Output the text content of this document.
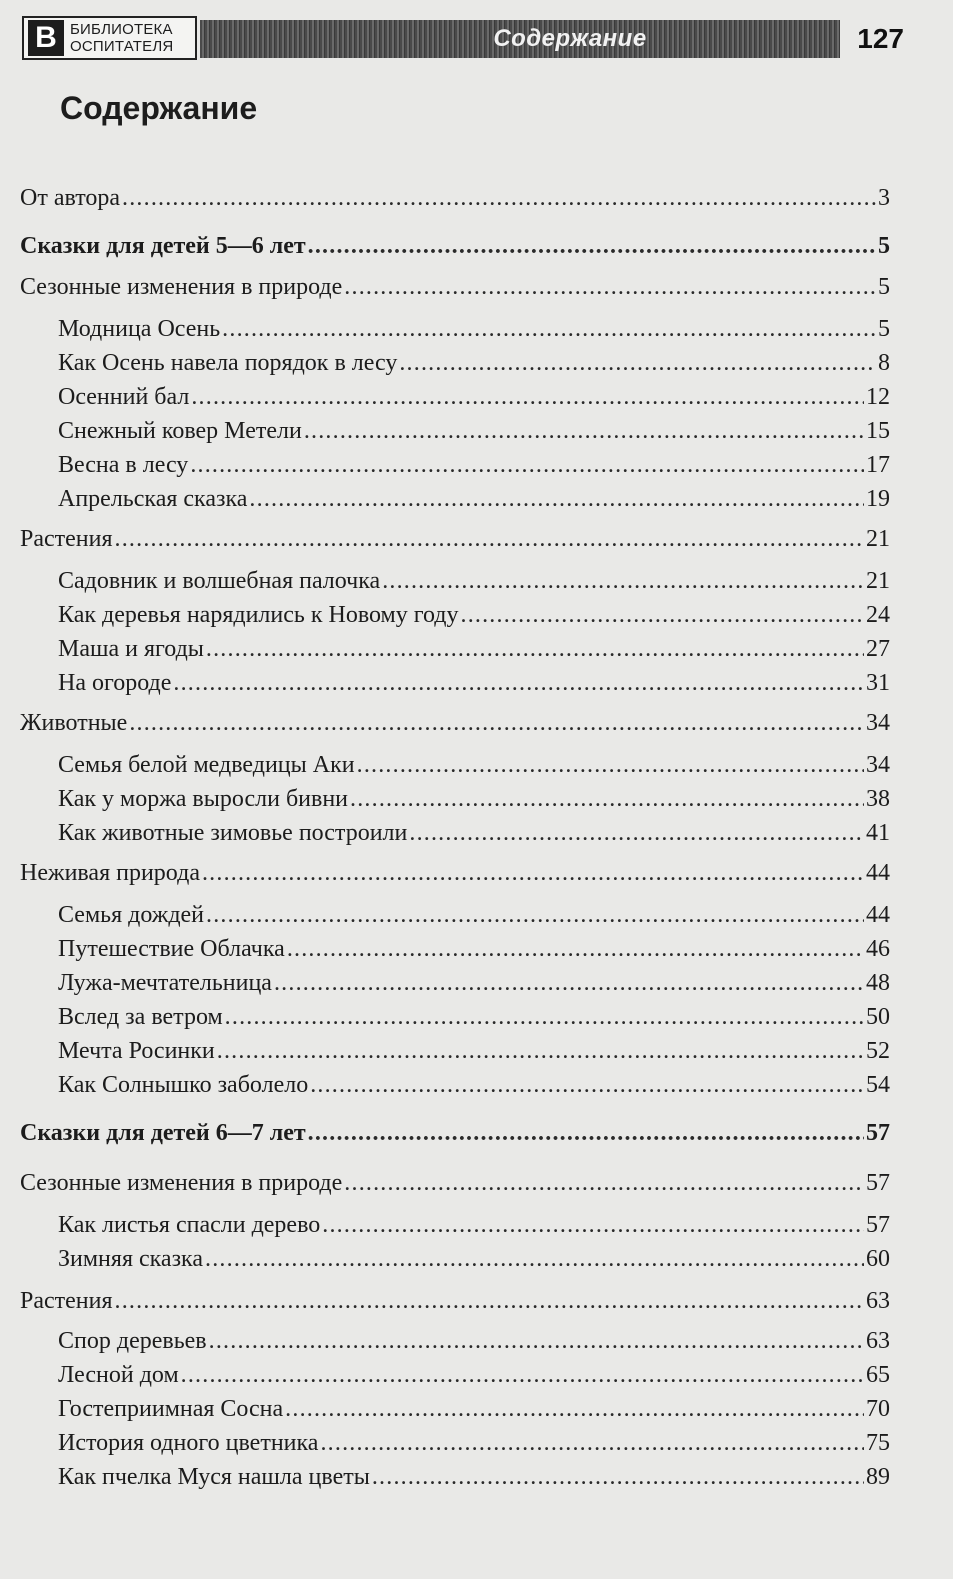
В БИБЛИОТЕКА
ОСПИТАТЕЛЯ	Содержание	127
Содержание
От автора .....	3
Сказки для детей 5—6 лет .....	5
Сезонные изменения в природе .....	5
Модница Осень .....	5
Как Осень навела порядок в лесу .....	8
Осенний бал .....	12
Снежный ковер Метели .....	15
Весна в лесу .....	17
Апрельская сказка .....	19
Растения .....	21
Садовник и волшебная палочка .....	21
Как деревья нарядились к Новому году .....	24
Маша и ягоды .....	27
На огороде .....	31
Животные .....	34
Семья белой медведицы Аки .....	34
Как у моржа выросли бивни .....	38
Как животные зимовье построили .....	41
Неживая природа .....	44
Семья дождей .....	44
Путешествие Облачка .....	46
Лужа-мечтательница .....	48
Вслед за ветром .....	50
Мечта Росинки .....	52
Как Солнышко заболело .....	54
Сказки для детей 6—7 лет .....	57
Сезонные изменения в природе .....	57
Как листья спасли дерево .....	57
Зимняя сказка .....	60
Растения .....	63
Спор деревьев .....	63
Лесной дом .....	65
Гостеприимная Сосна .....	70
История одного цветника .....	75
Как пчелка Муся нашла цветы .....	89
